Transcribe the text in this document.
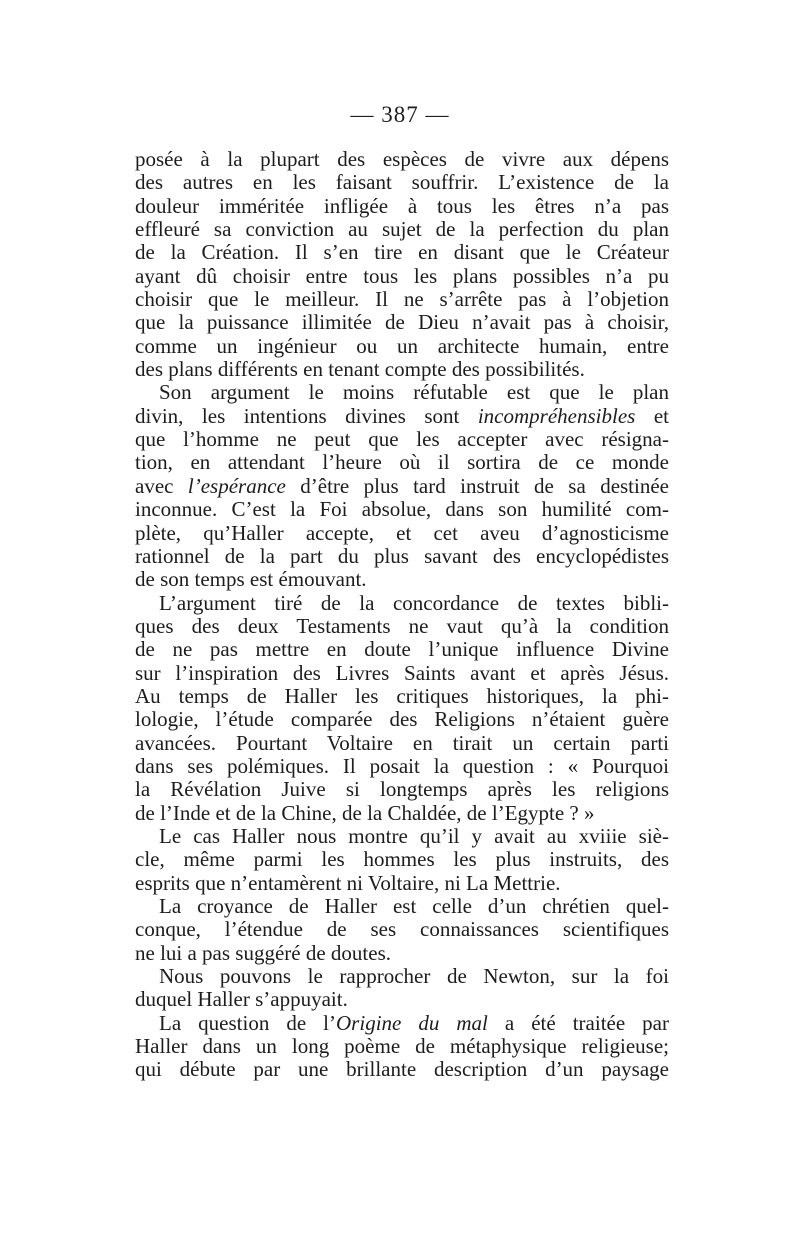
— 387 —
posée à la plupart des espèces de vivre aux dépens
des autres en les faisant souffrir. L’existence de la
douleur imméritée infligée à tous les êtres n’a pas
effleuré sa conviction au sujet de la perfection du plan
de la Création. Il s’en tire en disant que le Créateur
ayant dû choisir entre tous les plans possibles n’a pu
choisir que le meilleur. Il ne s’arrête pas à l’objetion
que la puissance illimitée de Dieu n’avait pas à choisir,
comme un ingénieur ou un architecte humain, entre
des plans différents en tenant compte des possibilités.
Son argument le moins réfutable est que le plan
divin, les intentions divines sont incompréhensibles et
que l’homme ne peut que les accepter avec résigna-
tion, en attendant l’heure où il sortira de ce monde
avec l’espérance d’être plus tard instruit de sa destinée
inconnue. C’est la Foi absolue, dans son humilité com-
plète, qu’Haller accepte, et cet aveu d’agnosticisme
rationnel de la part du plus savant des encyclopédistes
de son temps est émouvant.
L’argument tiré de la concordance de textes bibli-
ques des deux Testaments ne vaut qu’à la condition
de ne pas mettre en doute l’unique influence Divine
sur l’inspiration des Livres Saints avant et après Jésus.
Au temps de Haller les critiques historiques, la phi-
lologie, l’étude comparée des Religions n’étaient guère
avancées. Pourtant Voltaire en tirait un certain parti
dans ses polémiques. Il posait la question : « Pourquoi
la Révélation Juive si longtemps après les religions
de l’Inde et de la Chine, de la Chaldée, de l’Egypte ? »
Le cas Haller nous montre qu’il y avait au xviiie siè-
cle, même parmi les hommes les plus instruits, des
esprits que n’entamèrent ni Voltaire, ni La Mettrie.
La croyance de Haller est celle d’un chrétien quel-
conque, l’étendue de ses connaissances scientifiques
ne lui a pas suggéré de doutes.
Nous pouvons le rapprocher de Newton, sur la foi
duquel Haller s’appuyait.
La question de l’Origine du mal a été traitée par
Haller dans un long poème de métaphysique religieuse;
qui débute par une brillante description d’un paysage
